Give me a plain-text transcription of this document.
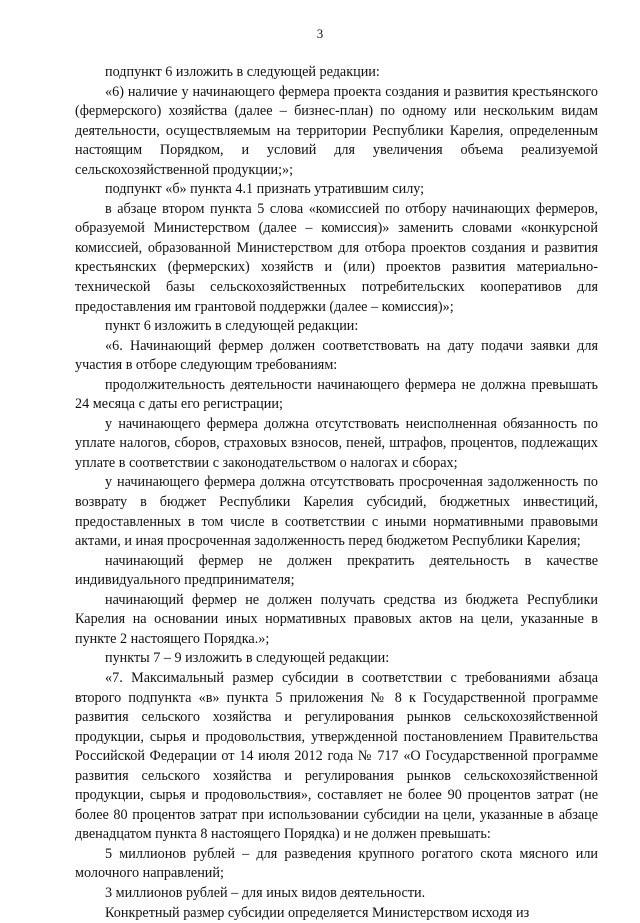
3

подпункт 6 изложить в следующей редакции:

«6) наличие у начинающего фермера проекта создания и развития крестьянского (фермерского) хозяйства (далее – бизнес-план) по одному или нескольким видам деятельности, осуществляемым на территории Республики Карелия, определенным настоящим Порядком, и условий для увеличения объема реализуемой сельскохозяйственной продукции;»;

подпункт «б» пункта 4.1 признать утратившим силу;

в абзаце втором пункта 5 слова «комиссией по отбору начинающих фермеров, образуемой Министерством (далее – комиссия)» заменить словами «конкурсной комиссией, образованной Министерством для отбора проектов создания и развития крестьянских (фермерских) хозяйств и (или) проектов развития материально-технической базы сельскохозяйственных потребительских кооперативов для предоставления им грантовой поддержки (далее – комиссия)»;

пункт 6 изложить в следующей редакции:

«6. Начинающий фермер должен соответствовать на дату подачи заявки для участия в отборе следующим требованиям:

продолжительность деятельности начинающего фермера не должна превышать 24 месяца с даты его регистрации;

у начинающего фермера должна отсутствовать неисполненная обязанность по уплате налогов, сборов, страховых взносов, пеней, штрафов, процентов, подлежащих уплате в соответствии с законодательством о налогах и сборах;

у начинающего фермера должна отсутствовать просроченная задолженность по возврату в бюджет Республики Карелия субсидий, бюджетных инвестиций, предоставленных в том числе в соответствии с иными нормативными правовыми актами, и иная просроченная задолженность перед бюджетом Республики Карелия;

начинающий фермер не должен прекратить деятельность в качестве индивидуального предпринимателя;

начинающий фермер не должен получать средства из бюджета Республики Карелия на основании иных нормативных правовых актов на цели, указанные в пункте 2 настоящего Порядка.»;

пункты 7 – 9 изложить в следующей редакции:

«7. Максимальный размер субсидии в соответствии с требованиями абзаца второго подпункта «в» пункта 5 приложения № 8 к Государственной программе развития сельского хозяйства и регулирования рынков сельскохозяйственной продукции, сырья и продовольствия, утвержденной постановлением Правительства Российской Федерации от 14 июля 2012 года № 717 «О Государственной программе развития сельского хозяйства и регулирования рынков сельскохозяйственной продукции, сырья и продовольствия», составляет не более 90 процентов затрат (не более 80 процентов затрат при использовании субсидии на цели, указанные в абзаце двенадцатом пункта 8 настоящего Порядка) и не должен превышать:

5 миллионов рублей – для разведения крупного рогатого скота мясного или молочного направлений;

3 миллионов рублей – для иных видов деятельности.

Конкретный размер субсидии определяется Министерством исходя из
